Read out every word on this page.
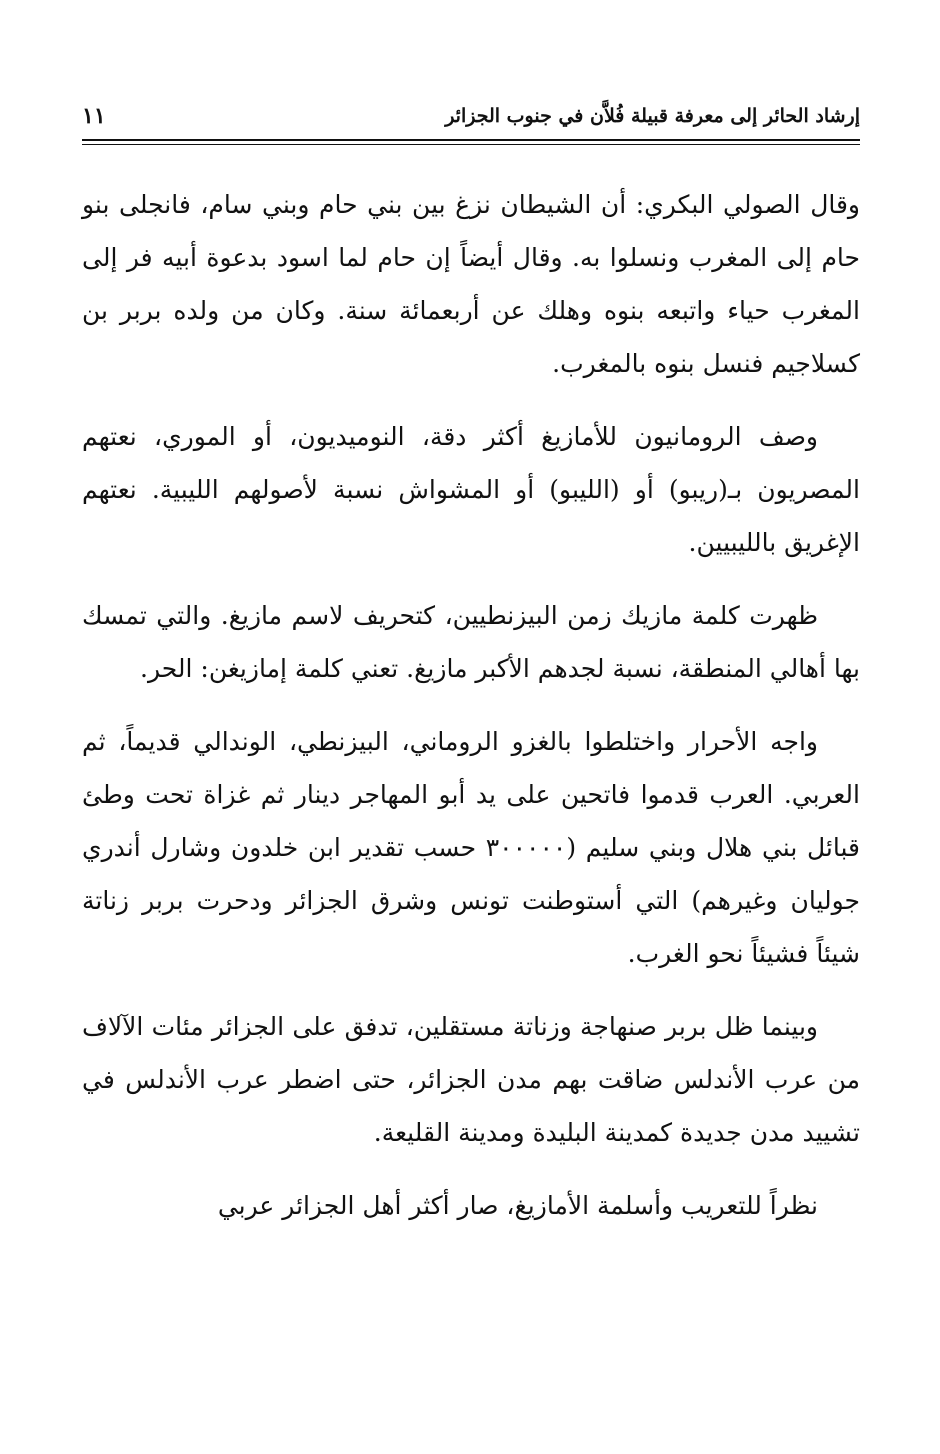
إرشاد الحائر إلى معرفة قبيلة فُلاَّن في جنوب الجزائر
١١

وقال الصولي البكري: أن الشيطان نزغ بين بني حام وبني سام، فانجلى بنو حام إلى المغرب ونسلوا به. وقال أيضاً إن حام لما اسود بدعوة أبيه فر إلى المغرب حياء واتبعه بنوه وهلك عن أربعمائة سنة. وكان من ولده بربر بن كسلاجيم فنسل بنوه بالمغرب.

وصف الرومانيون للأمازيغ أكثر دقة، النوميديون، أو الموري، نعتهم المصريون بـ(ريبو) أو (الليبو) أو المشواش نسبة لأصولهم الليبية. نعتهم الإغريق بالليبيين.

ظهرت كلمة مازيك زمن البيزنطيين، كتحريف لاسم مازيغ. والتي تمسك بها أهالي المنطقة، نسبة لجدهم الأكبر مازيغ. تعني كلمة إمازيغن: الحر.

واجه الأحرار واختلطوا بالغزو الروماني، البيزنطي، الوندالي قديماً، ثم العربي. العرب قدموا فاتحين على يد أبو المهاجر دينار ثم غزاة تحت وطئ قبائل بني هلال وبني سليم (٣٠٠٠٠٠ حسب تقدير ابن خلدون وشارل أندري جوليان وغيرهم) التي أستوطنت تونس وشرق الجزائر ودحرت بربر زناتة شيئاً فشيئاً نحو الغرب.

وبينما ظل بربر صنهاجة وزناتة مستقلين، تدفق على الجزائر مئات الآلاف من عرب الأندلس ضاقت بهم مدن الجزائر، حتى اضطر عرب الأندلس في تشييد مدن جديدة كمدينة البليدة ومدينة القليعة.

نظراً للتعريب وأسلمة الأمازيغ، صار أكثر أهل الجزائر عربي
